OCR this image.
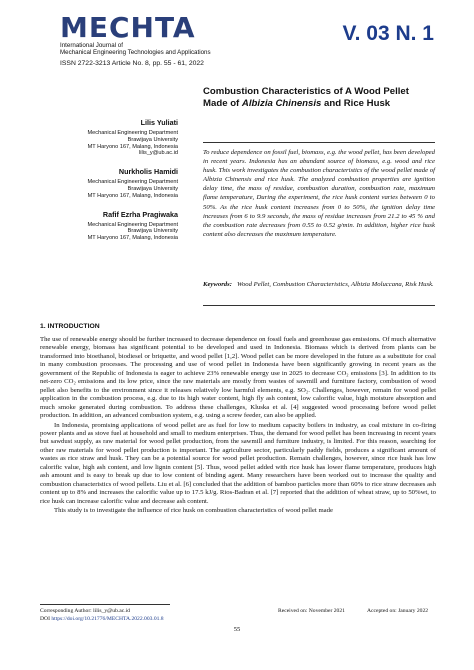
MECHTA
International Journal of
Mechanical Engineering Technologies and Applications
ISSN 2722-3213 Article No. 8, pp. 55 - 61, 2022
V. 03 N. 1
Lilis Yuliati
Mechanical Engineering Department
Brawijaya University
MT Haryono 167, Malang, Indonesia
lilis_y@ub.ac.id
Nurkholis Hamidi
Mechanical Engineering Department
Brawijaya University
MT Haryono 167, Malang, Indonesia
Rafif Ezrha Pragiwaka
Mechanical Engineering Department
Brawijaya University
MT Haryono 167, Malang, Indonesia
Combustion Characteristics of A Wood Pellet Made of Albizia Chinensis and Rice Husk
To reduce dependence on fossil fuel, biomass, e.g. the wood pellet, has been developed in recent years. Indonesia has an abundant source of biomass, e.g. wood and rice husk. This work investigates the combustion characteristics of the wood pellet made of Albizia Chinensis and rice husk. The analyzed combustion properties are ignition delay time, the mass of residue, combustion duration, combustion rate, maximum flame temperature, During the experiment, the rice husk content varies between 0 to 50%. As the rice husk content increases from 0 to 50%, the ignition delay time increases from 6 to 9.9 seconds, the mass of residue increases from 21.2 to 45 % and the combustion rate decreases from 0.55 to 0.52 g/min. In addition, higher rice husk content also decreases the maximum temperature.
Keywords: Wood Pellet, Combustion Characteristics, Albizia Moluccana, Risk Husk.
1. INTRODUCTION

The use of renewable energy should be further increased to decrease dependence on fossil fuels and greenhouse gas emissions. Of much alternative renewable energy, biomass has significant potential to be developed and used in Indonesia. Biomass which is derived from plants can be transformed into bioethanol, biodiesel or briquette, and wood pellet [1,2]. Wood pellet can be more developed in the future as a substitute for coal in many combustion processes. The processing and use of wood pellet in Indonesia have been significantly growing in recent years as the government of the Republic of Indonesia is eager to achieve 23% renewable energy use in 2025 to decrease CO₂ emissions [3]. In addition to its net-zero CO₂ emissions and its low price, since the raw materials are mostly from wastes of sawmill and furniture factory, combustion of wood pellet also benefits to the environment since it releases relatively low harmful elements, e.g. SO₂. Challenges, however, remain for wood pellet application in the combustion process, e.g. due to its high water content, high fly ash content, low calorific value, high moisture absorption and much smoke generated during combustion. To address these challenges, Kluska et al. [4] suggested wood processing before wood pellet production. In addition, an advanced combustion system, e.g. using a screw feeder, can also be applied.

In Indonesia, promising applications of wood pellet are as fuel for low to medium capacity boilers in industry, as coal mixture in co-firing power plants and as stove fuel at household and small to medium enterprises. Thus, the demand for wood pellet has been increasing in recent years but sawdust supply, as raw material for wood pellet production, from the sawmill and furniture industry, is limited. For this reason, searching for other raw materials for wood pellet production is important. The agriculture sector, particularly paddy fields, produces a significant amount of wastes as rice straw and husk. They can be a potential source for wood pellet production. Remain challenges, however, since rice husk has low calorific value, high ash content, and low lignin content [5]. Thus, wood pellet added with rice husk has lower flame temperature, produces high ash amount and is easy to break up due to low content of binding agent. Many researchers have been worked out to increase the quality and combustion characteristics of wood pellets. Liu et al. [6] concluded that the addition of bamboo particles more than 60% to rice straw decreases ash content up to 8% and increases the calorific value up to 17.5 kJ/g. Rios-Badran et al. [7] reported that the addition of wheat straw, up to 50%wt, to rice husk can increase calorific value and decrease ash content.

This study is to investigate the influence of rice husk on combustion characteristics of wood pellet made

Corresponding Author: lilis_y@ub.ac.id	Received on: November 2021	Accepted on: January 2022
DOI https://doi.org/10.21776/MECHTA.2022.003.01.8
55
